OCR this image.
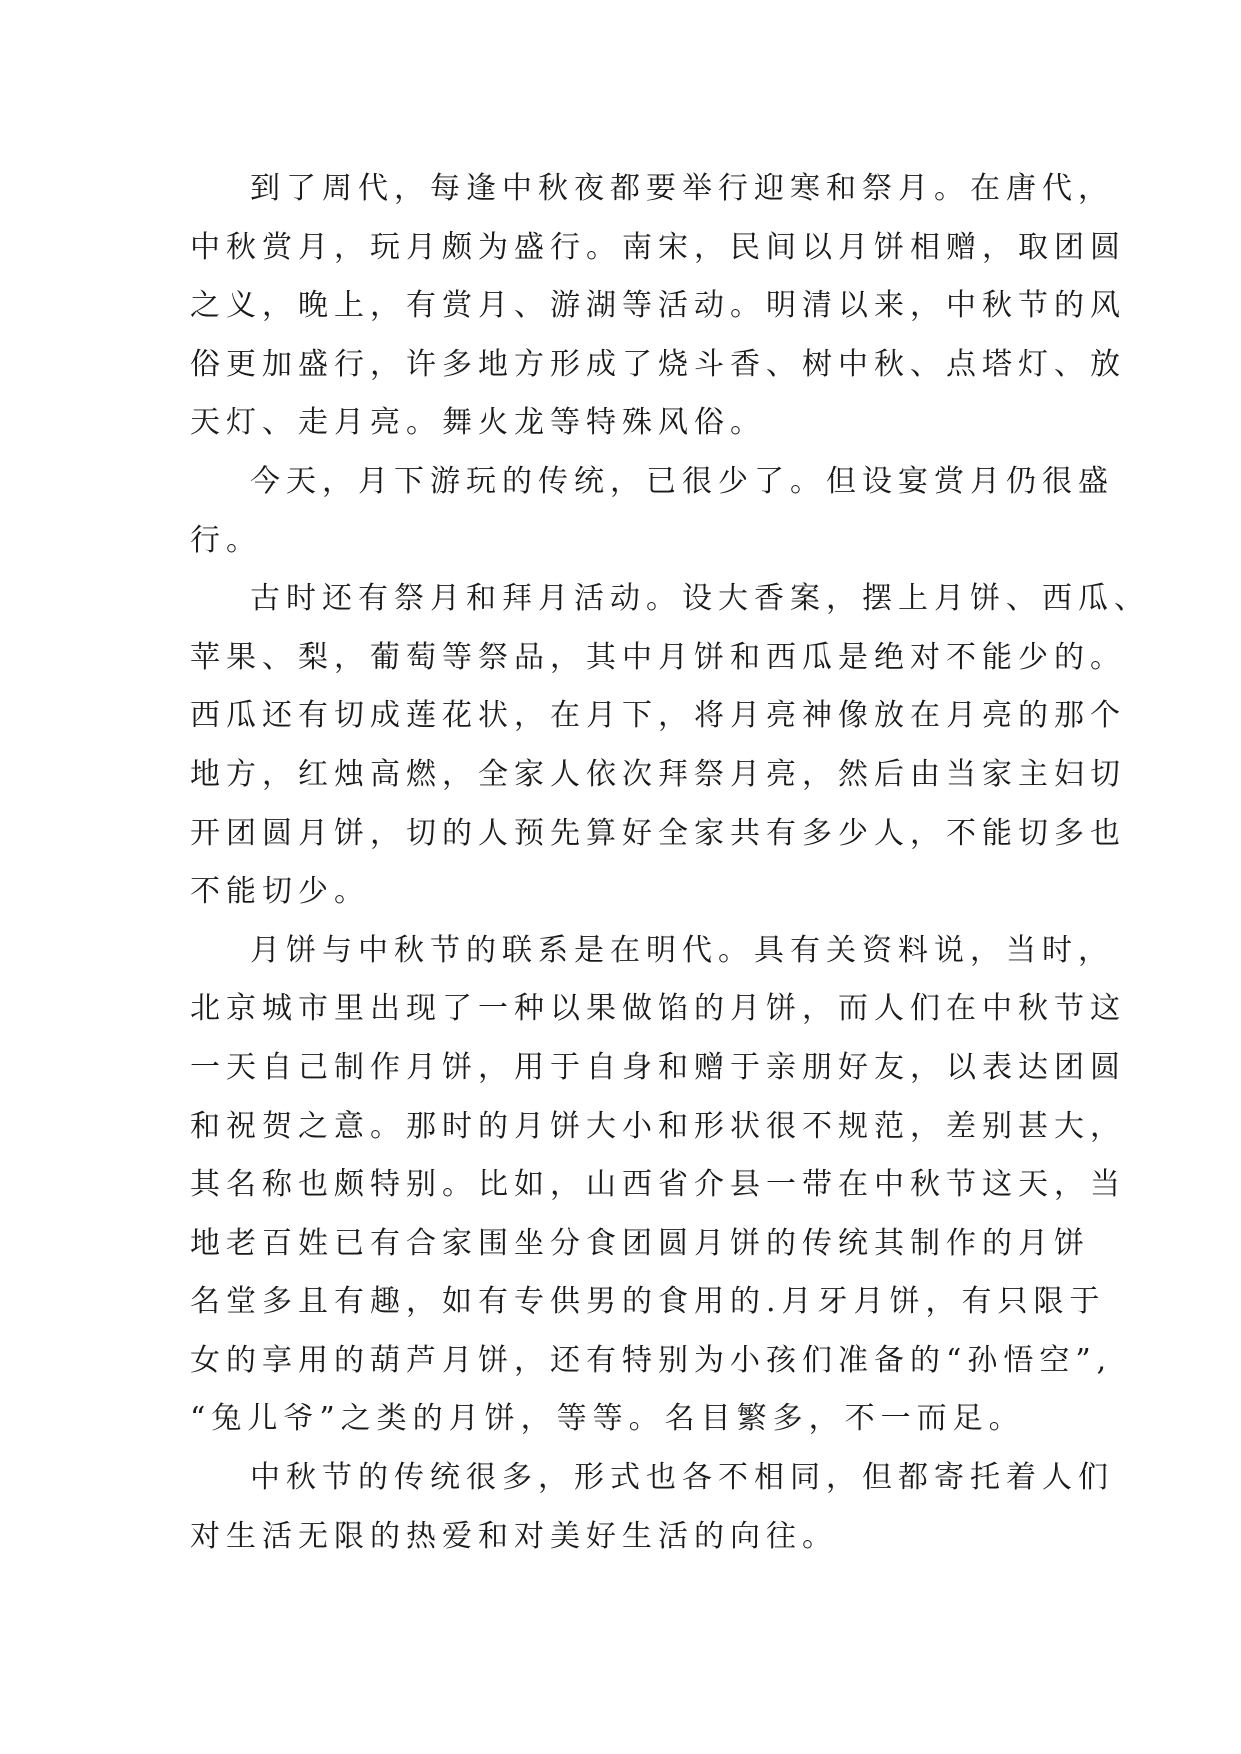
到了周代，每逢中秋夜都要举行迎寒和祭月。在唐代，
中秋赏月，玩月颇为盛行。南宋，民间以月饼相赠，取团圆
之义，晚上，有赏月、游湖等活动。明清以来，中秋节的风
俗更加盛行，许多地方形成了烧斗香、树中秋、点塔灯、放
天灯、走月亮。舞火龙等特殊风俗。
今天，月下游玩的传统，已很少了。但设宴赏月仍很盛
行。
古时还有祭月和拜月活动。设大香案，摆上月饼、西瓜、
苹果、梨，葡萄等祭品，其中月饼和西瓜是绝对不能少的。
西瓜还有切成莲花状，在月下，将月亮神像放在月亮的那个
地方，红烛高燃，全家人依次拜祭月亮，然后由当家主妇切
开团圆月饼，切的人预先算好全家共有多少人，不能切多也
不能切少。
月饼与中秋节的联系是在明代。具有关资料说，当时，
北京城市里出现了一种以果做馅的月饼，而人们在中秋节这
一天自己制作月饼，用于自身和赠于亲朋好友，以表达团圆
和祝贺之意。那时的月饼大小和形状很不规范，差别甚大，
其名称也颇特别。比如，山西省介县一带在中秋节这天，当
地老百姓已有合家围坐分食团圆月饼的传统其制作的月饼
名堂多且有趣，如有专供男的食用的.月牙月饼，有只限于
女的享用的葫芦月饼，还有特别为小孩们准备的“孙悟空”,
“兔儿爷”之类的月饼，等等。名目繁多，不一而足。
中秋节的传统很多，形式也各不相同，但都寄托着人们
对生活无限的热爱和对美好生活的向往。
